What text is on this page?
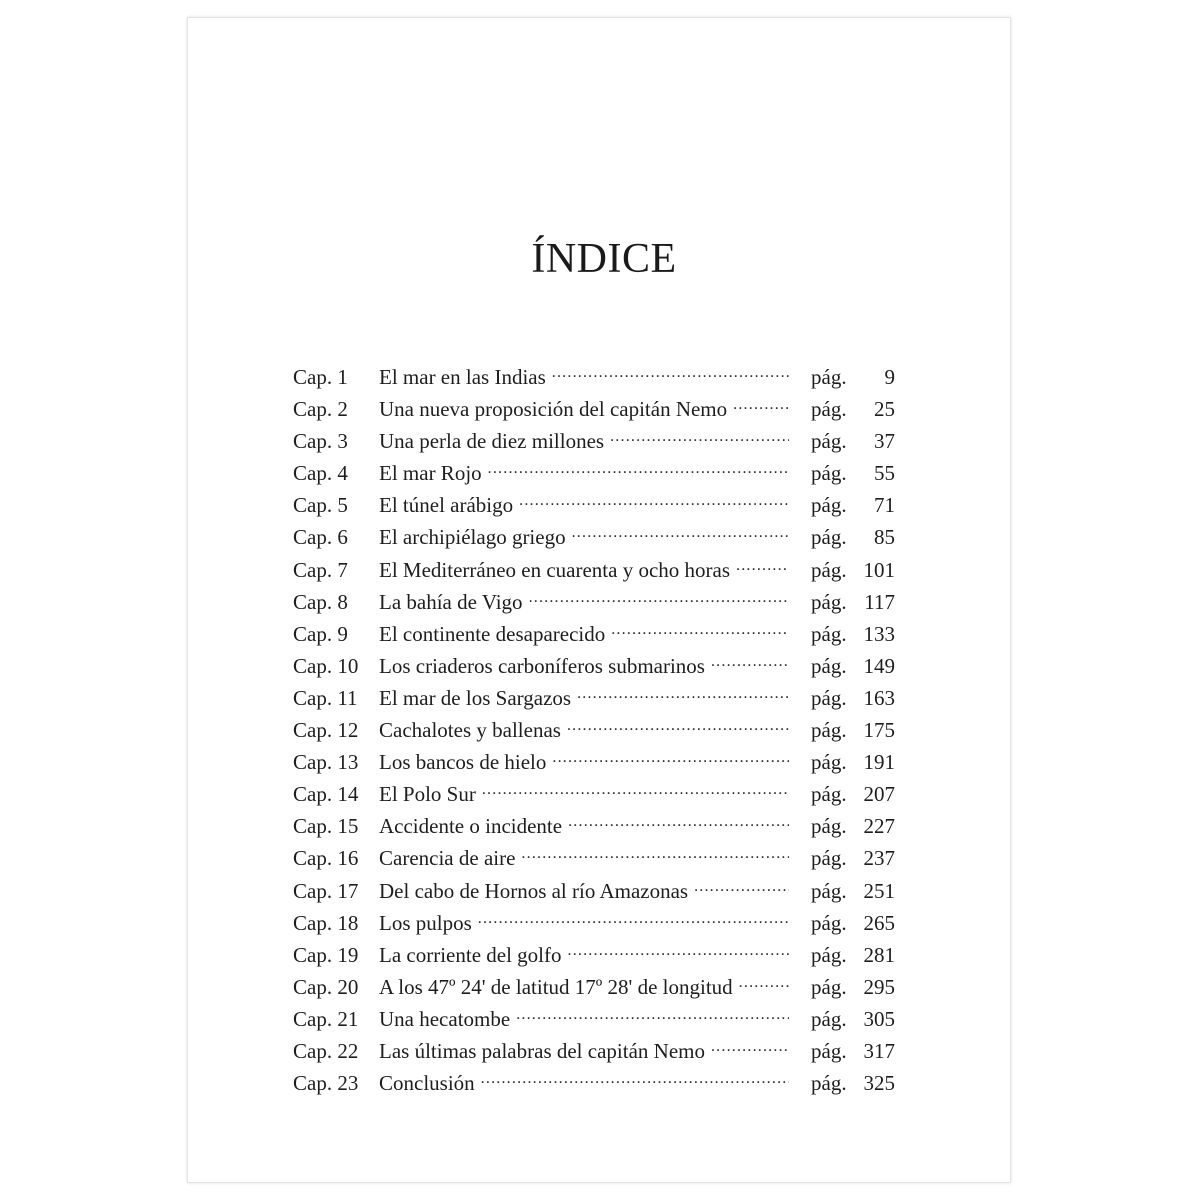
ÍNDICE
Cap. 1	El mar en las Indias .....	pág.	9
Cap. 2	Una nueva proposición del capitán Nemo .....	pág.	25
Cap. 3	Una perla de diez millones .....	pág.	37
Cap. 4	El mar Rojo .....	pág.	55
Cap. 5	El túnel arábigo .....	pág.	71
Cap. 6	El archipiélago griego .....	pág.	85
Cap. 7	El Mediterráneo en cuarenta y ocho horas .....	pág. 101
Cap. 8	La bahía de Vigo .....	pág. 117
Cap. 9	El continente desaparecido .....	pág. 133
Cap. 10 Los criaderos carboníferos submarinos .....	pág. 149
Cap. 11	El mar de los Sargazos .....	pág. 163
Cap. 12 Cachalotes y ballenas .....	pág. 175
Cap. 13 Los bancos de hielo .....	pág. 191
Cap. 14 El Polo Sur .....	pág. 207
Cap. 15 Accidente o incidente .....	pág. 227
Cap. 16 Carencia de aire .....	pág. 237
Cap. 17 Del cabo de Hornos al río Amazonas .....	pág. 251
Cap. 18 Los pulpos .....	pág. 265
Cap. 19 La corriente del golfo .....	pág. 281
Cap. 20 A los 47º 24' de latitud 17º 28' de longitud .....	pág. 295
Cap. 21 Una hecatombe .....	pág. 305
Cap. 22 Las últimas palabras del capitán Nemo .....	pág. 317
Cap. 23 Conclusión .....	pág. 325
